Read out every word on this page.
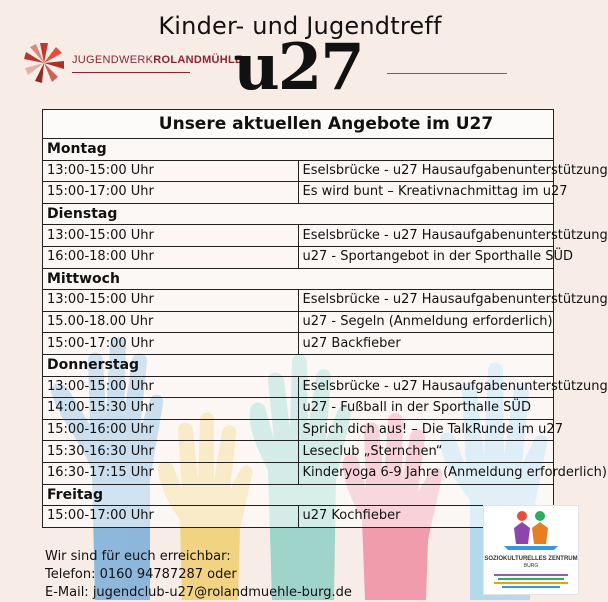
Kinder- und Jugendtreff
JUGENDWERKROLANDMÜHLE
u27
Unsere aktuellen Angebote im U27	
Montag	
13:00-15:00 Uhr	Eselsbrücke - u27 Hausaufgabenunterstützung
15:00-17:00 Uhr	Es wird bunt – Kreativnachmittag im u27
Dienstag	
13:00-15:00 Uhr	Eselsbrücke - u27 Hausaufgabenunterstützung
16:00-18:00 Uhr	u27 - Sportangebot in der Sporthalle SÜD
Mittwoch	
13:00-15:00 Uhr	Eselsbrücke - u27 Hausaufgabenunterstützung
15.00-18.00 Uhr	u27 - Segeln (Anmeldung erforderlich)
15:00-17:00 Uhr	u27 Backfieber
Donnerstag	
13:00-15:00 Uhr	Eselsbrücke - u27 Hausaufgabenunterstützung
14:00-15:30 Uhr	u27 - Fußball in der Sporthalle SÜD
15:00-16:00 Uhr	Sprich dich aus! – Die TalkRunde im u27
15:30-16:30 Uhr	Leseclub „Sternchen“
16:30-17:15 Uhr	Kinderyoga 6-9 Jahre (Anmeldung erforderlich)
Freitag	
15:00-17:00 Uhr	u27 Kochfieber
Wir sind für euch erreichbar:
Telefon: 0160 94787287 oder
E-Mail: jugendclub-u27@rolandmuehle-burg.de
SOZIOKULTURELLES ZENTRUM
BURG
